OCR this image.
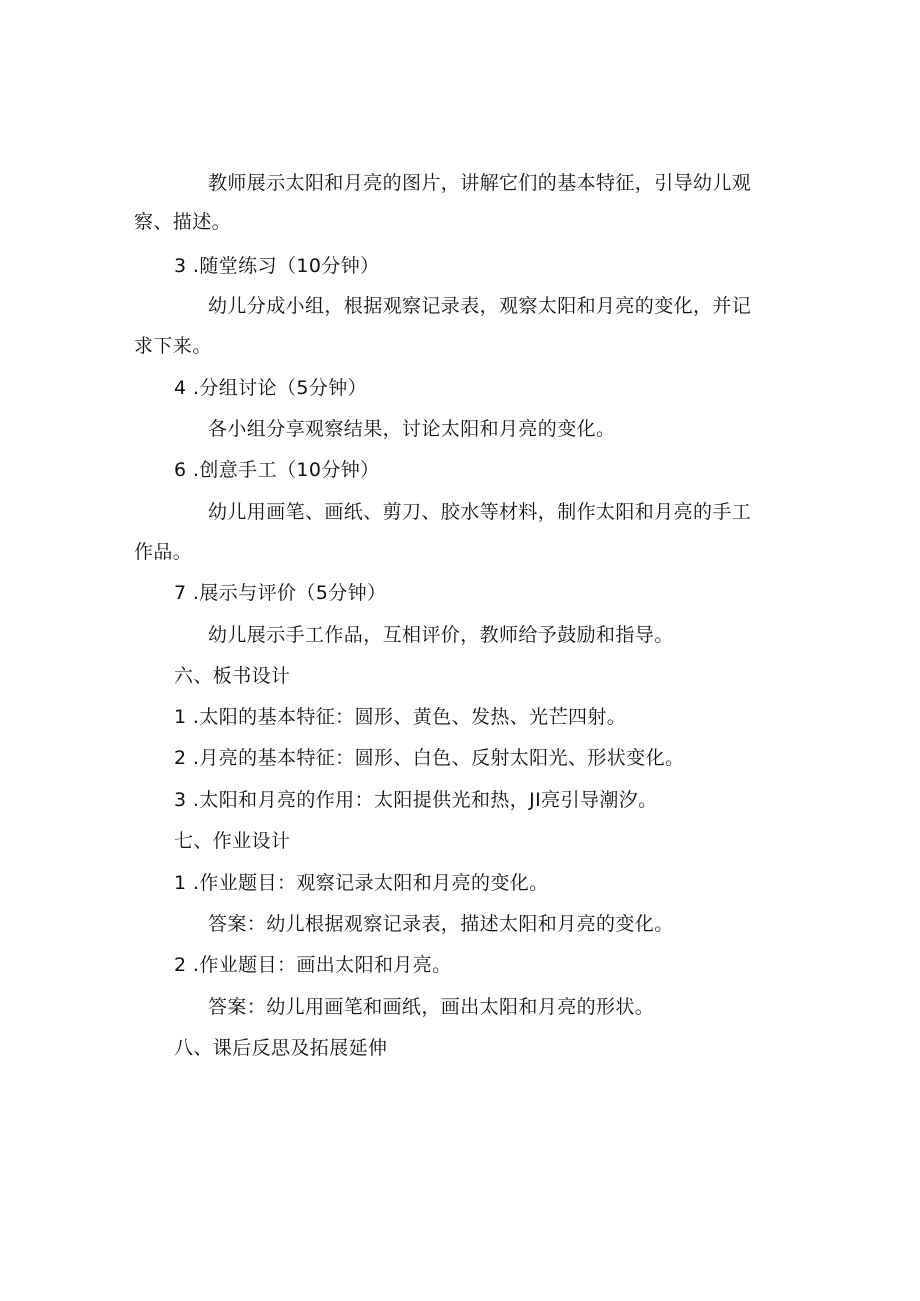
教师展示太阳和月亮的图片，讲解它们的基本特征，引导幼儿观
察、描述。
3 .随堂练习（10分钟）
幼儿分成小组，根据观察记录表，观察太阳和月亮的变化，并记
求下来。
4 .分组讨论（5分钟）
各小组分享观察结果，讨论太阳和月亮的变化。
6 .创意手工（10分钟）
幼儿用画笔、画纸、剪刀、胶水等材料，制作太阳和月亮的手工
作品。
7 .展示与评价（5分钟）
幼儿展示手工作品，互相评价，教师给予鼓励和指导。
六、板书设计
1 .太阳的基本特征：圆形、黄色、发热、光芒四射。
2 .月亮的基本特征：圆形、白色、反射太阳光、形状变化。
3 .太阳和月亮的作用：太阳提供光和热，JI亮引导潮汐。
七、作业设计
1 .作业题目：观察记录太阳和月亮的变化。
答案：幼儿根据观察记录表，描述太阳和月亮的变化。
2 .作业题目：画出太阳和月亮。
答案：幼儿用画笔和画纸，画出太阳和月亮的形状。
八、课后反思及拓展延伸
